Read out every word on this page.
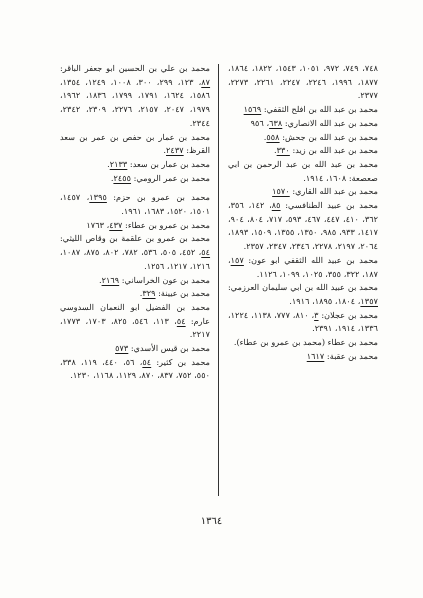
٧٤٨، ٧٤٩، ٩٧٢، ١٠٥١، ١٥٤٣، ١٨٢٢، ١٨٦٤، ١٨٧٧، ١٩٩٦، ٢٢٤٦، ٢٢٤٧، ٢٢٦١، ٢٢٧٣، ٢٣٧٧.

محمد بن عبد الله بن افلح الثقفي: ١٥٦٩

محمد بن عبد الله الانصاري: ٦٣٨، ٩٥٦

محمد بن عبد الله بن جحش: ٥٥٨.

محمد بن عبد الله بن زيد: ٣٣٠.

محمد بن عبد الله بن عبد الرحمن بن ابي صعصعة: ١٦٠٨، ١٩١٤.

محمد بن عبد الله القاري: ١٥٧٠

محمد بن عبيد الطنافسي: ٨٥، ١٤٢، ٣٥٦، ٣٦٢، ٤١٠، ٤٤٧، ٤٦٧، ٥٩٣، ٧١٧، ٨٠٤، ٩٠٤، ١٤١٧، ٩٣٣، ٩٨٥، ١٣٥٠، ١٣٥٥، ١٥٠٩، ١٨٩٣، ٢٠٦٤، ٢١٩٧، ٢٢٧٨، ٢٣٤٦، ٢٣٤٧، ٢٣٥٧.

محمد بن عبيد الله الثقفي ابو عون: ١٥٧، ١٨٧، ٣٢٢، ٣٥٥، ١٠٢٥، ١٠٩٩، ١١٢٦.

محمد بن عبيد الله بن ابي سليمان العرزمي: ١٣٥٧، ١٨٠٤، ١٨٩٥، ١٩١٦.

محمد بن عجلان: ٣، ٨١٠، ٧٧٧، ١١٣٨، ١٢٢٤، ١٣٣٦، ١٩١٤، ٢٣٩١.

محمد بن عطاء (محمد بن عمرو بن عطاء).

محمد بن عقبة: ١٦١٧

محمد بن علي بن الحسين ابو جعفر الباقر: ٨٧، ١٢٣، ٢٩٩، ٣٠٠، ١٠٠٨، ١٢٤٩، ١٣٥٤، ١٥٨٦، ١٦٢٤، ١٧٩١، ١٧٩٩، ١٨٣٦، ١٩٦٢، ١٩٧٩، ٢٠٤٧، ٢١٥٧، ٢٢٧٦، ٢٣٠٩، ٢٣٤٢، ٢٣٤٤.

محمد بن عمار بن حفص بن عمر بن سعد القرظ: ٢٤٣٧.

محمد بن عمار بن سعد: ٢١٣٣.

محمد بن عمر الرومي: ٢٤٥٥.

محمد بن عمرو بن حزم: ١٣٩٥، ١٤٥٧، ١٥٠١، ١٥٢٠، ١٦٨٣، ١٩٦١.

محمد بن عمرو بن عطاء: ٤٣٧، ١٧٦٣

محمد بن عمرو بن علقمة بن وقاص الليثي: ٥٤، ٤٥٢، ٥٠٥، ٥٣٦، ٧٨٢، ٨٠٢، ٨٧٥، ١٠٨٧، ١٢١٦، ١٢١٧، ١٢٥٦.

محمد بن عون الخراساني: ٢١٦٩.

محمد بن عيينة: ٣٢٩.

محمد بن الفضيل ابو النعمان السدوسي عارم: ٥٤، ١١٣، ٥٤٦، ٨٢٥، ١٧٠٣، ١٧٧٣، ٢٢١٧.

محمد بن قيس الأسدي: ٥٧٣

محمد بن كثير: ٥٤، ٥٦، ٤٤٠، ١١٩، ٣٣٨، ٥٥٠، ٧٥٢، ٨٣٧، ٨٧٠، ١١٢٩، ١١٦٨، ١٢٣٠.

١٣٦٤
